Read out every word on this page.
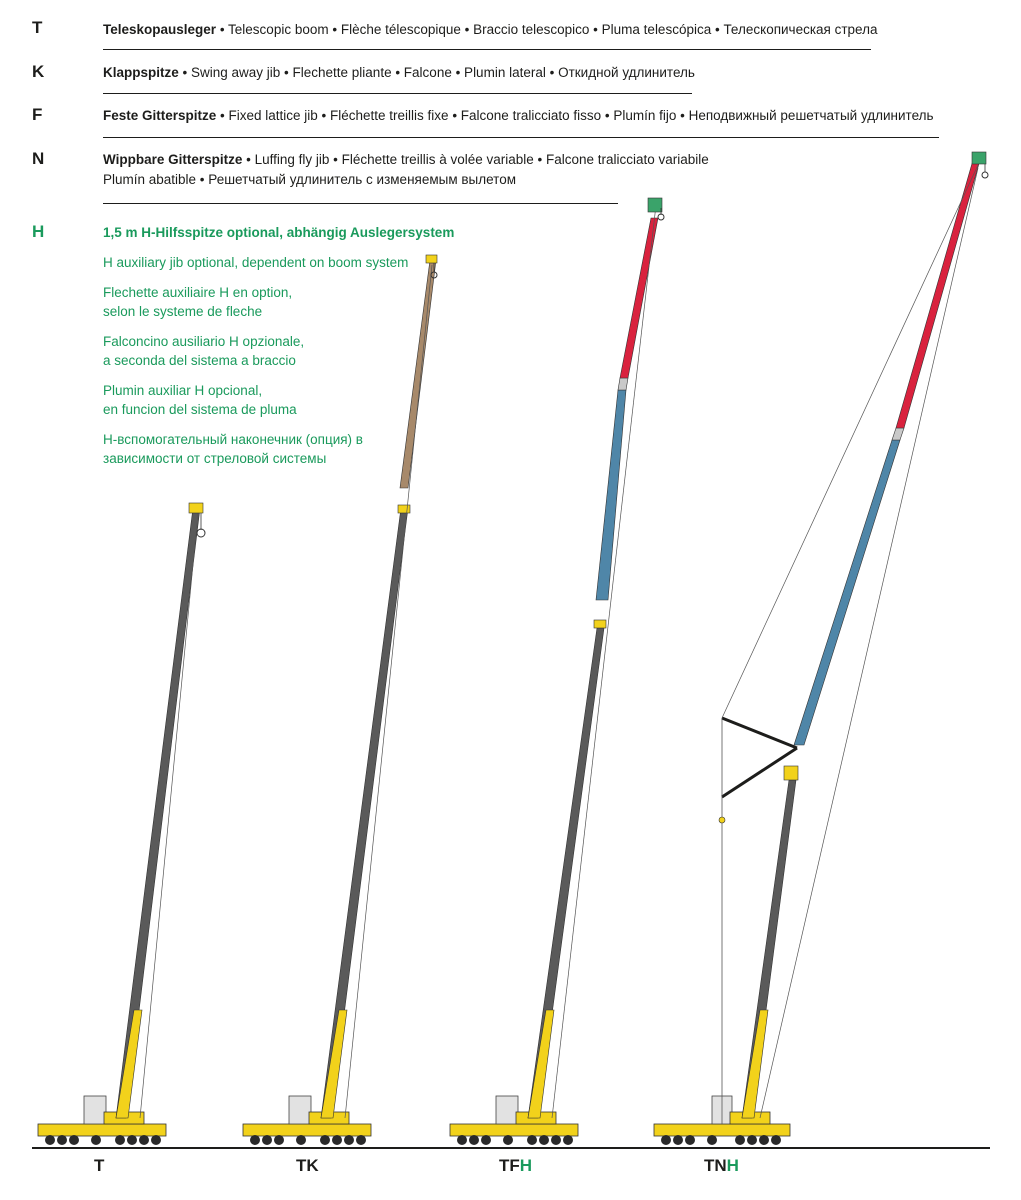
T	Teleskopausleger • Telescopic boom • Flèche télescopique • Braccio telescopico • Pluma telescópica • Телескопическая стрела
K	Klappspitze • Swing away jib • Flechette pliante • Falcone • Plumin lateral • Откидной удлинитель
F	Feste Gitterspitze • Fixed lattice jib • Fléchette treillis fixe • Falcone tralicciato fisso • Plumín fijo • Неподвижный решетчатый удлинитель
N	Wippbare Gitterspitze • Luffing fly jib • Fléchette treillis à volée variable • Falcone tralicciato variabile
Plumín abatible • Решетчатый удлинитель с изменяемым вылетом
H	1,5 m H-Hilfsspitze optional, abhängig Auslegersystem
H auxiliary jib optional, dependent on boom system
Flechette auxiliaire H en option,
selon le systeme de fleche
Falconcino ausiliario H opzionale,
a seconda del sistema a braccio
Plumin auxiliar H opcional,
en funcion del sistema de pluma
H-вспомогательный наконечник (опция) в
зависимости от стреловой системы
T	TK	TFH	TNH
